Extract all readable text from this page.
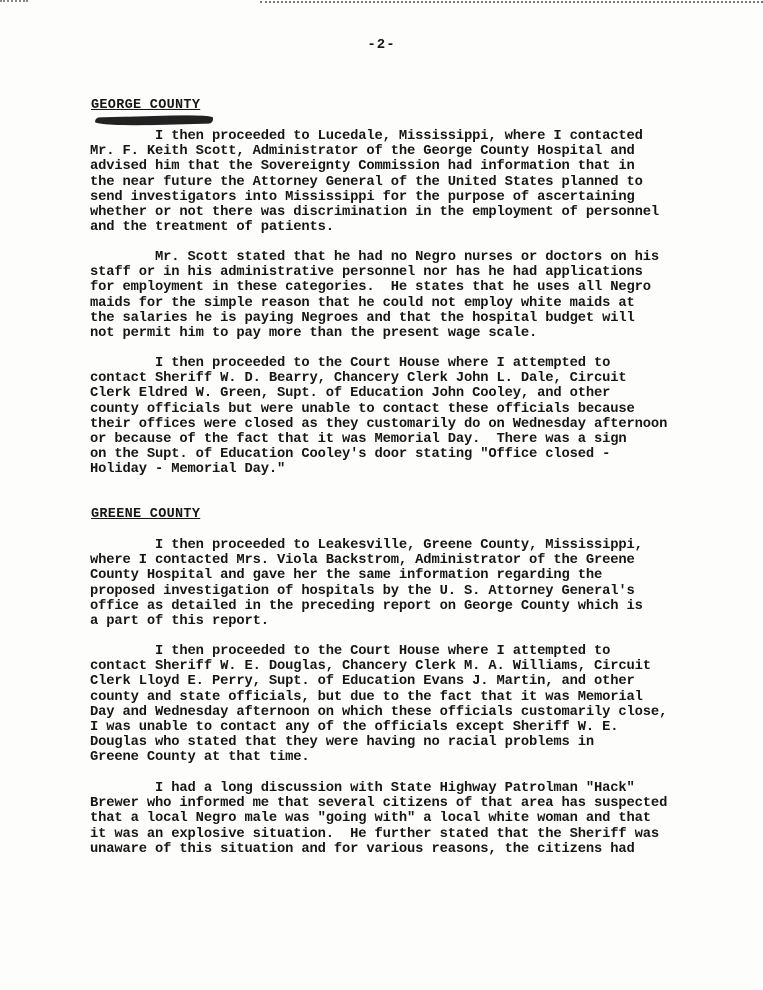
-2-
GEORGE COUNTY
I then proceeded to Lucedale, Mississippi, where I contacted
Mr. F. Keith Scott, Administrator of the George County Hospital and
advised him that the Sovereignty Commission had information that in
the near future the Attorney General of the United States planned to
send investigators into Mississippi for the purpose of ascertaining
whether or not there was discrimination in the employment of personnel
and the treatment of patients.
Mr. Scott stated that he had no Negro nurses or doctors on his
staff or in his administrative personnel nor has he had applications
for employment in these categories.  He states that he uses all Negro
maids for the simple reason that he could not employ white maids at
the salaries he is paying Negroes and that the hospital budget will
not permit him to pay more than the present wage scale.
I then proceeded to the Court House where I attempted to
contact Sheriff W. D. Bearry, Chancery Clerk John L. Dale, Circuit
Clerk Eldred W. Green, Supt. of Education John Cooley, and other
county officials but were unable to contact these officials because
their offices were closed as they customarily do on Wednesday afternoon
or because of the fact that it was Memorial Day.  There was a sign
on the Supt. of Education Cooley's door stating "Office closed -
Holiday - Memorial Day."
GREENE COUNTY
I then proceeded to Leakesville, Greene County, Mississippi,
where I contacted Mrs. Viola Backstrom, Administrator of the Greene
County Hospital and gave her the same information regarding the
proposed investigation of hospitals by the U. S. Attorney General's
office as detailed in the preceding report on George County which is
a part of this report.
I then proceeded to the Court House where I attempted to
contact Sheriff W. E. Douglas, Chancery Clerk M. A. Williams, Circuit
Clerk Lloyd E. Perry, Supt. of Education Evans J. Martin, and other
county and state officials, but due to the fact that it was Memorial
Day and Wednesday afternoon on which these officials customarily close,
I was unable to contact any of the officials except Sheriff W. E.
Douglas who stated that they were having no racial problems in
Greene County at that time.
I had a long discussion with State Highway Patrolman "Hack"
Brewer who informed me that several citizens of that area has suspected
that a local Negro male was "going with" a local white woman and that
it was an explosive situation.  He further stated that the Sheriff was
unaware of this situation and for various reasons, the citizens had
